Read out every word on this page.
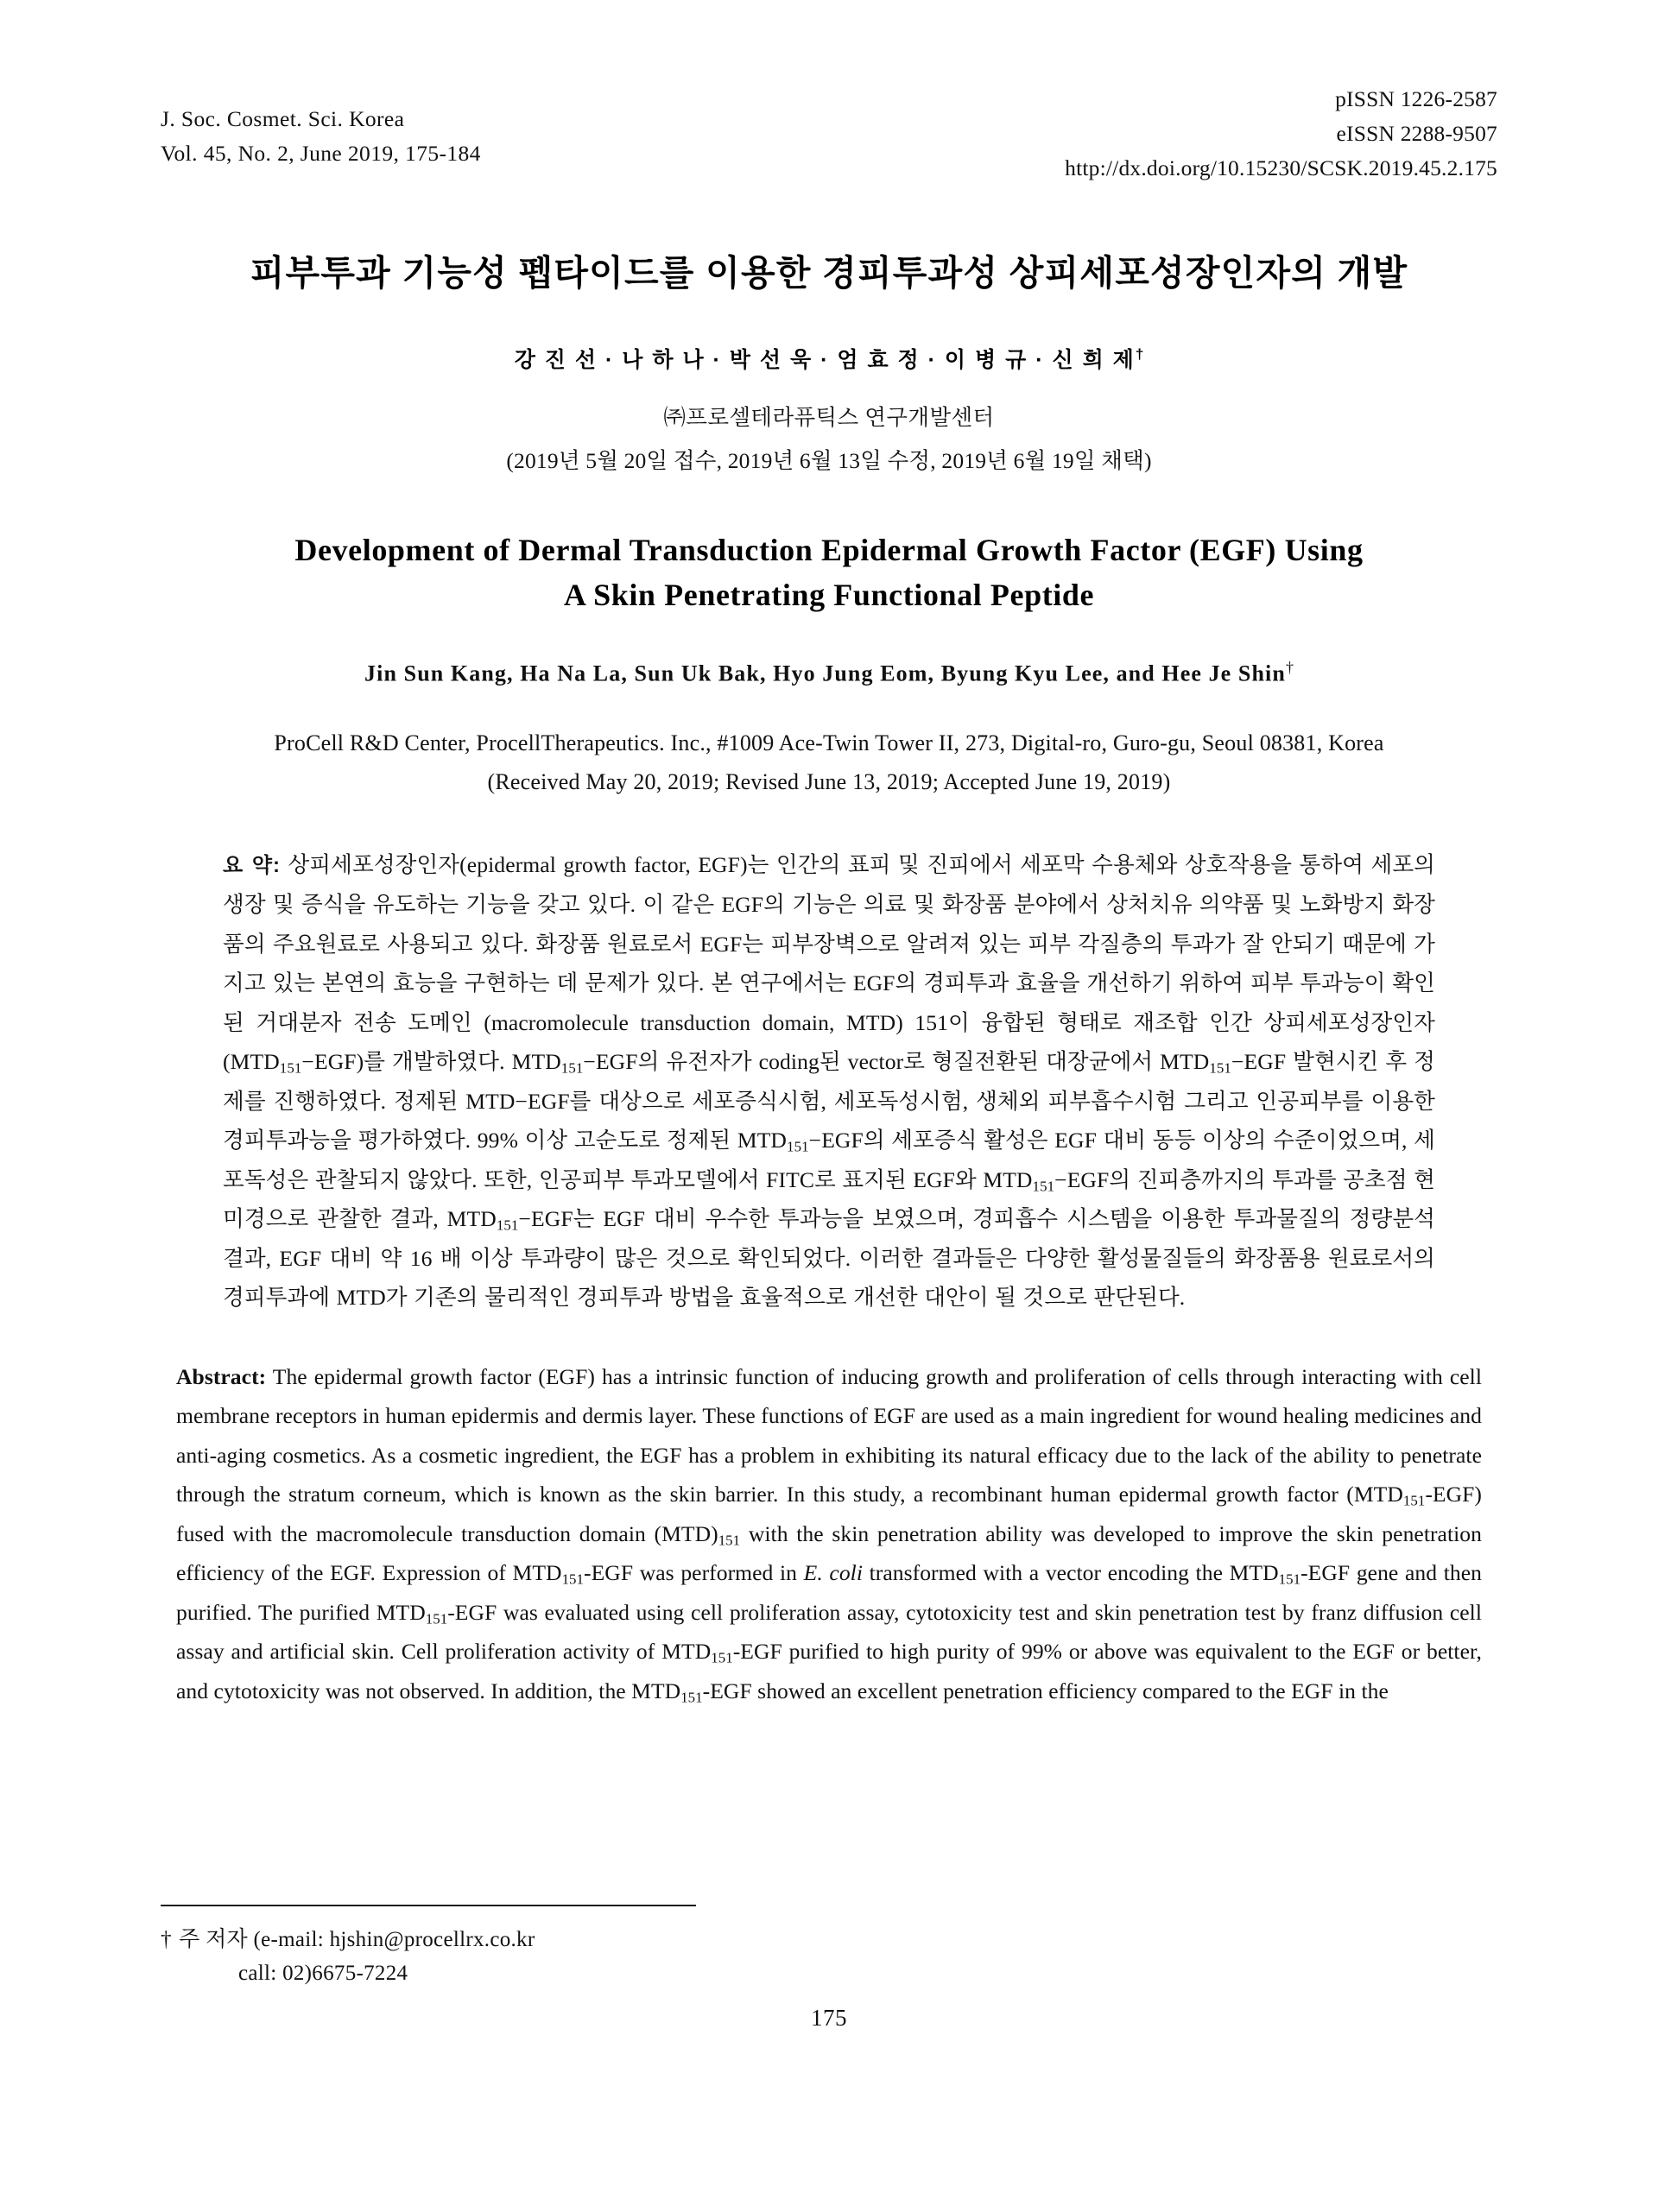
J. Soc. Cosmet. Sci. Korea
Vol. 45, No. 2, June 2019, 175-184
pISSN 1226-2587
eISSN 2288-9507
http://dx.doi.org/10.15230/SCSK.2019.45.2.175
피부투과 기능성 펩타이드를 이용한 경피투과성 상피세포성장인자의 개발
강 진 선 · 나 하 나 · 박 선 욱 · 엄 효 정 · 이 병 규 · 신 희 제†
㈜프로셀테라퓨틱스 연구개발센터
(2019년 5월 20일 접수, 2019년 6월 13일 수정, 2019년 6월 19일 채택)
Development of Dermal Transduction Epidermal Growth Factor (EGF) Using
A Skin Penetrating Functional Peptide
Jin Sun Kang, Ha Na La, Sun Uk Bak, Hyo Jung Eom, Byung Kyu Lee, and Hee Je Shin†
ProCell R&D Center, ProcellTherapeutics. Inc., #1009 Ace-Twin Tower II, 273, Digital-ro, Guro-gu, Seoul 08381, Korea
(Received May 20, 2019; Revised June 13, 2019; Accepted June 19, 2019)
요 약: 상피세포성장인자(epidermal growth factor, EGF)는 인간의 표피 및 진피에서 세포막 수용체와 상호작용을 통하여 세포의 생장 및 증식을 유도하는 기능을 갖고 있다. 이 같은 EGF의 기능은 의료 및 화장품 분야에서 상처치유 의약품 및 노화방지 화장품의 주요원료로 사용되고 있다. 화장품 원료로서 EGF는 피부장벽으로 알려져 있는 피부 각질층의 투과가 잘 안되기 때문에 가지고 있는 본연의 효능을 구현하는 데 문제가 있다. 본 연구에서는 EGF의 경피투과 효율을 개선하기 위하여 피부 투과능이 확인된 거대분자 전송 도메인 (macromolecule transduction domain, MTD) 151이 융합된 형태로 재조합 인간 상피세포성장인자 $(MTD_{151}-EGF)$를 개발하였다. $MTD_{151}-EGF$의 유전자가 coding된 vector로 형질전환된 대장균에서 $MTD_{151}-EGF$ 발현시킨 후 정제를 진행하였다. 정제된 MTD−EGF를 대상으로 세포증식시험, 세포독성시험, 생체외 피부흡수시험 그리고 인공피부를 이용한 경피투과능을 평가하였다. 99% 이상 고순도로 정제된 $MTD_{151}-EGF$의 세포증식 활성은 EGF 대비 동등 이상의 수준이었으며, 세포독성은 관찰되지 않았다. 또한, 인공피부 투과모델에서 FITC로 표지된 EGF와 $MTD_{151}-EGF$의 진피층까지의 투과를 공초점 현미경으로 관찰한 결과, $MTD_{151}-EGF$는 EGF 대비 우수한 투과능을 보였으며, 경피흡수 시스템을 이용한 투과물질의 정량분석 결과, EGF 대비 약 16 배 이상 투과량이 많은 것으로 확인되었다. 이러한 결과들은 다양한 활성물질들의 화장품용 원료로서의 경피투과에 MTD가 기존의 물리적인 경피투과 방법을 효율적으로 개선한 대안이 될 것으로 판단된다.
Abstract: The epidermal growth factor (EGF) has a intrinsic function of inducing growth and proliferation of cells through interacting with cell membrane receptors in human epidermis and dermis layer. These functions of EGF are used as a main ingredient for wound healing medicines and anti-aging cosmetics. As a cosmetic ingredient, the EGF has a problem in exhibiting its natural efficacy due to the lack of the ability to penetrate through the stratum corneum, which is known as the skin barrier. In this study, a recombinant human epidermal growth factor $(MTD_{151}-EGF)$ fused with the macromolecule transduction domain $(MTD)_{151}$ with the skin penetration ability was developed to improve the skin penetration efficiency of the EGF. Expression of $MTD_{151}$-EGF was performed in E. coli transformed with a vector encoding the $MTD_{151}$-EGF gene and then purified. The purified $MTD_{151}$-EGF was evaluated using cell proliferation assay, cytotoxicity test and skin penetration test by franz diffusion cell assay and artificial skin. Cell proliferation activity of $MTD_{151}$-EGF purified to high purity of 99% or above was equivalent to the EGF or better, and cytotoxicity was not observed. In addition, the $MTD_{151}$-EGF showed an excellent penetration efficiency compared to the EGF in the
† 주 저자 (e-mail: hjshin@procellrx.co.kr
call: 02)6675-7224
175
